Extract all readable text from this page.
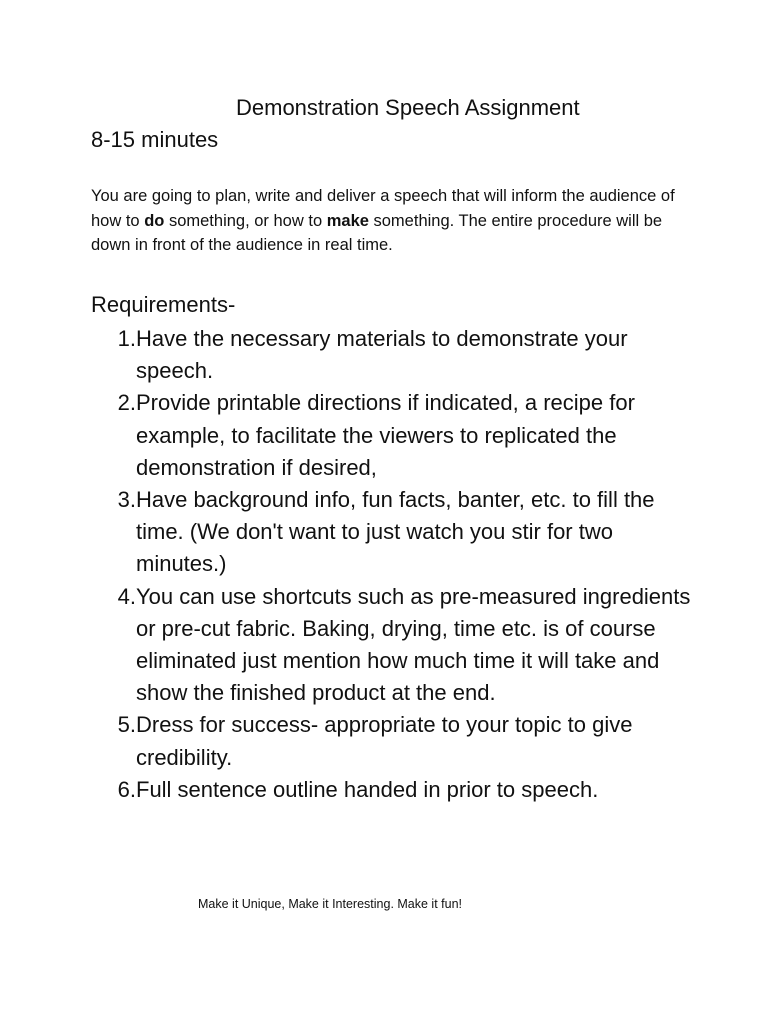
Demonstration Speech Assignment
8-15 minutes

You are going to plan, write and deliver a speech that will inform the audience of how to do something, or how to make something. The entire procedure will be down in front of the audience in real time.

Requirements-
1. Have the necessary materials to demonstrate your speech.
2. Provide printable directions if indicated, a recipe for example, to facilitate the viewers to replicated the demonstration if desired,
3. Have background info, fun facts, banter, etc. to fill the time. (We don't want to just watch you stir for two minutes.)
4. You can use shortcuts such as pre-measured ingredients or pre-cut fabric. Baking, drying, time etc. is of course eliminated just mention how much time it will take and show the finished product at the end.
5. Dress for success- appropriate to your topic to give credibility.
6. Full sentence outline handed in prior to speech.
Make it Unique, Make it Interesting. Make it fun!
